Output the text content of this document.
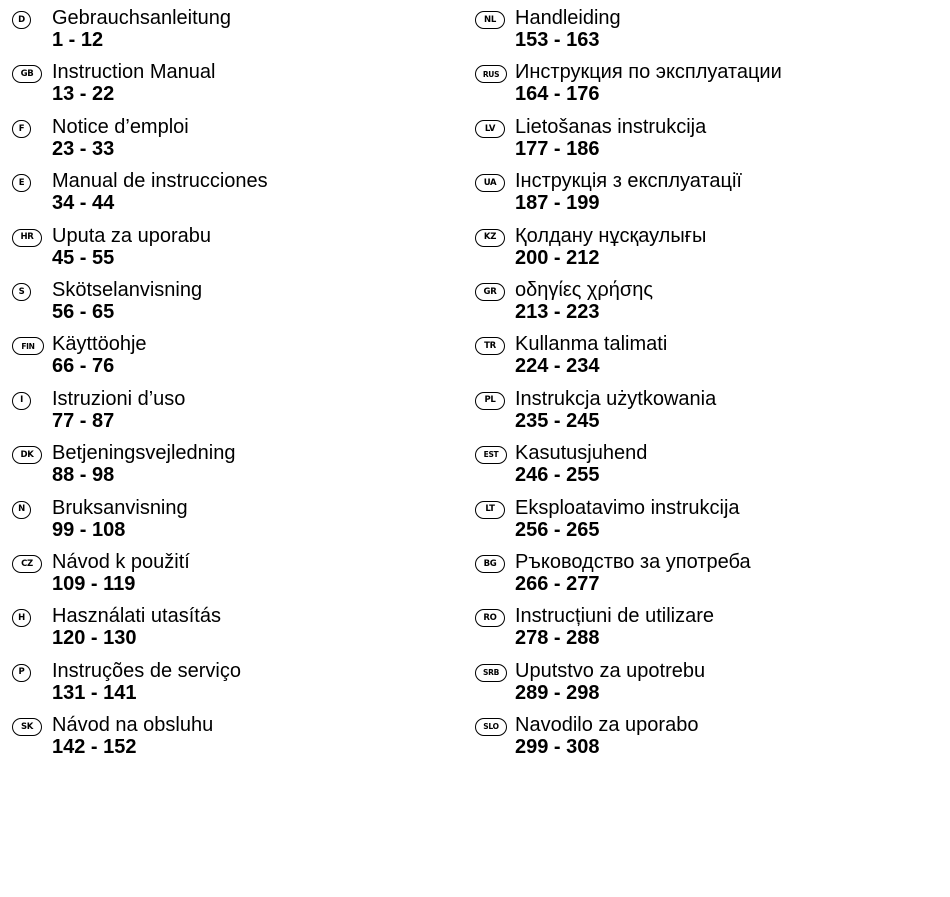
D	Gebrauchsanleitung
1 - 12
GB Instruction Manual
13 - 22
F	Notice d’emploi
23 - 33
E	Manual de instrucciones
34 - 44
HR Uputa za uporabu
45 - 55
S	Skötselanvisning
56 - 65
FIN Käyttöohje
66 - 76
I	Istruzioni d’uso
77 - 87
DK Betjeningsvejledning
88 - 98
N	Bruksanvisning
99 - 108
CZ Návod k použití
109 - 119
H	Használati utasítás
120 - 130
P	Instruções de serviço
131 - 141
SK Návod na obsluhu
142 - 152
NL Handleiding
153 - 163
RUS Инструкция по эксплуатации
164 - 176
LV Lietošanas instrukcija
177 - 186
UA Інструкція з експлуатації
187 - 199
KZ Қолдану нұсқаулығы
200 - 212
GR οδηγίες χρήσης
213 - 223
TR Kullanma talimati
224 - 234
PL Instrukcja użytkowania
235 - 245
EST Kasutusjuhend
246 - 255
LT	Eksploatavimo instrukcija
256 - 265
BG Ръководство за употреба
266 - 277
RO Instrucțiuni de utilizare
278 - 288
SRB Uputstvo za upotrebu
289 - 298
SLO Navodilo za uporabo
299 - 308
